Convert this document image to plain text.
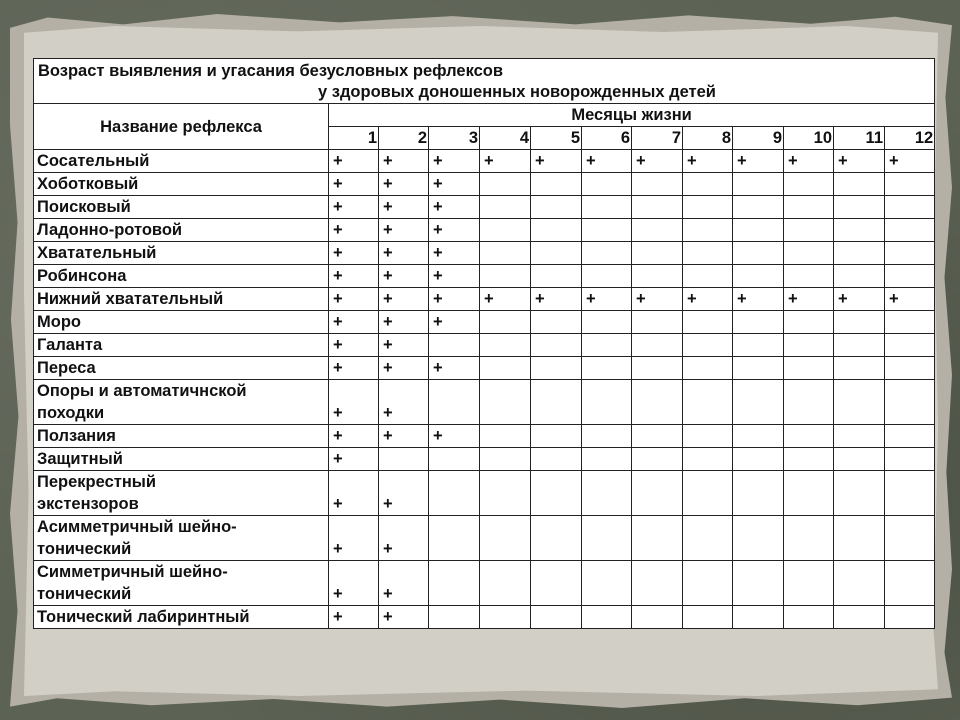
Возраст выявления и угасания безусловных рефлексов
у здоровых доношенных новорожденных детей												

Название рефлекса	Месяцы жизни											
	1	2	3	4	5	6	7	8	9	10	11	12

Сосательный	+	+	+	+	+	+	+	+	+	+	+	+

Хоботковый	+	+	+									

Поисковый	+	+	+									

Ладонно-ротовой	+	+	+									

Хватательный	+	+	+									

Робинсона	+	+	+									

Нижний хватательный	+	+	+	+	+	+	+	+	+	+	+	+

Моро	+	+	+									

Галанта	+	+										

Переса	+	+	+									

Опоры и автоматичнской
походки	+	+										

Ползания	+	+	+									

Защитный	+											

Перекрестный
экстензоров	+	+										

Асимметричный шейно-
тонический	+	+										

Симметричный шейно-
тонический	+	+										

Тонический лабиринтный	+	+										
